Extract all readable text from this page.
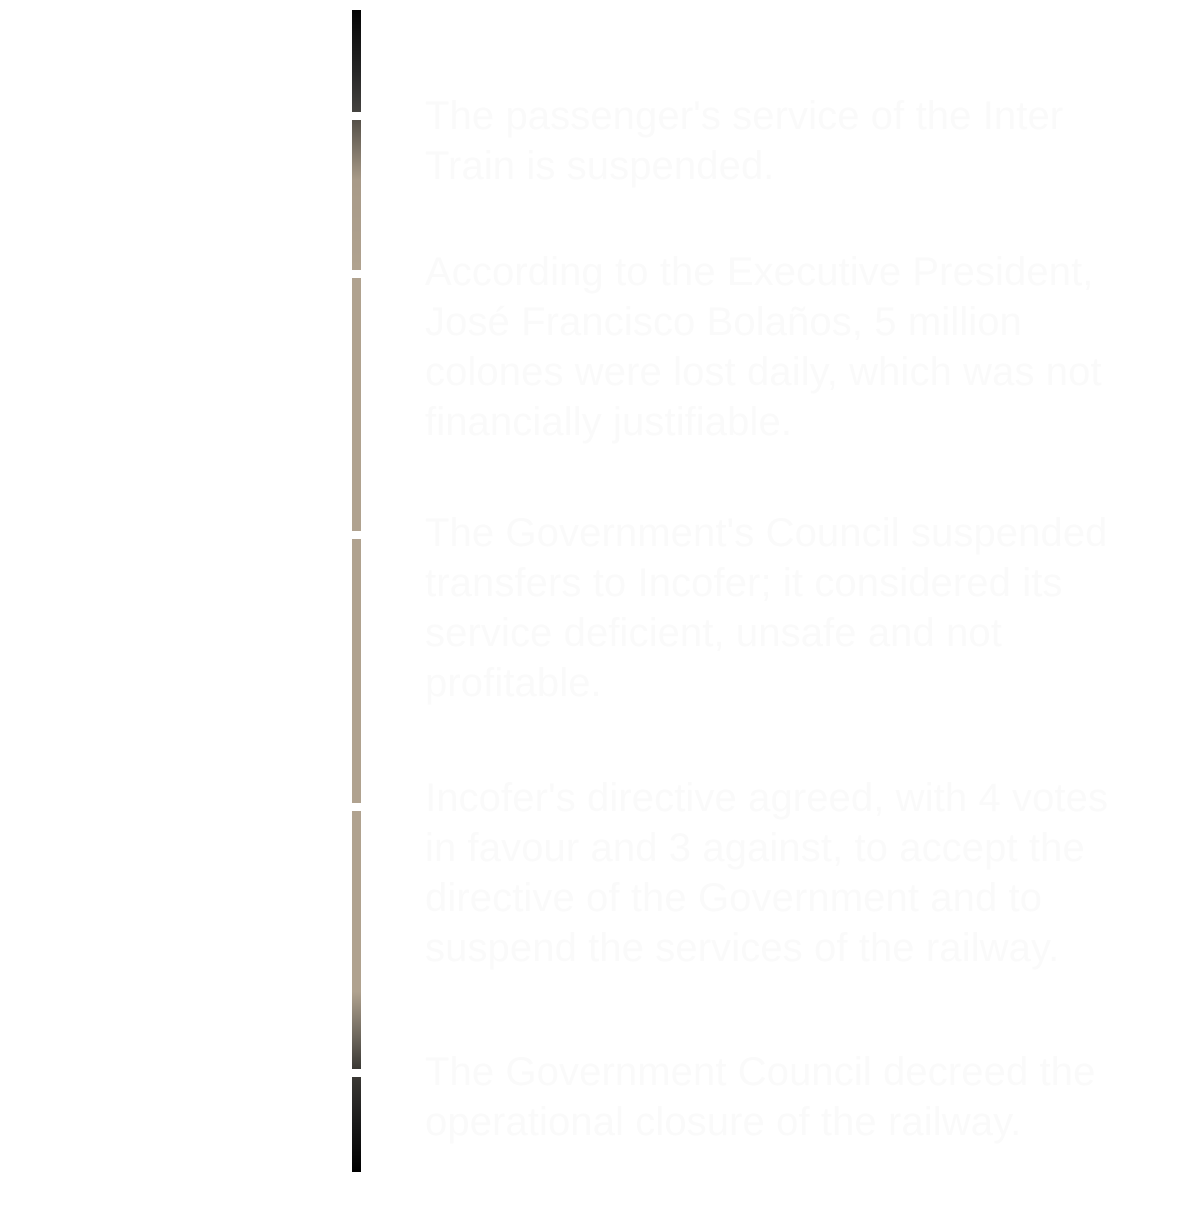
The passenger's service of the Inter Train is suspended.

According to the Executive President, José Francisco Bolaños, 5 million colones were lost daily, which was not financially justifiable.

The Government's Council suspended transfers to Incofer; it considered its service deficient, unsafe and not profitable.

Incofer's directive agreed, with 4 votes in favour and 3 against, to accept the directive of the Government and to suspend the services of the railway.

The Government Council decreed the operational closure of the railway.
